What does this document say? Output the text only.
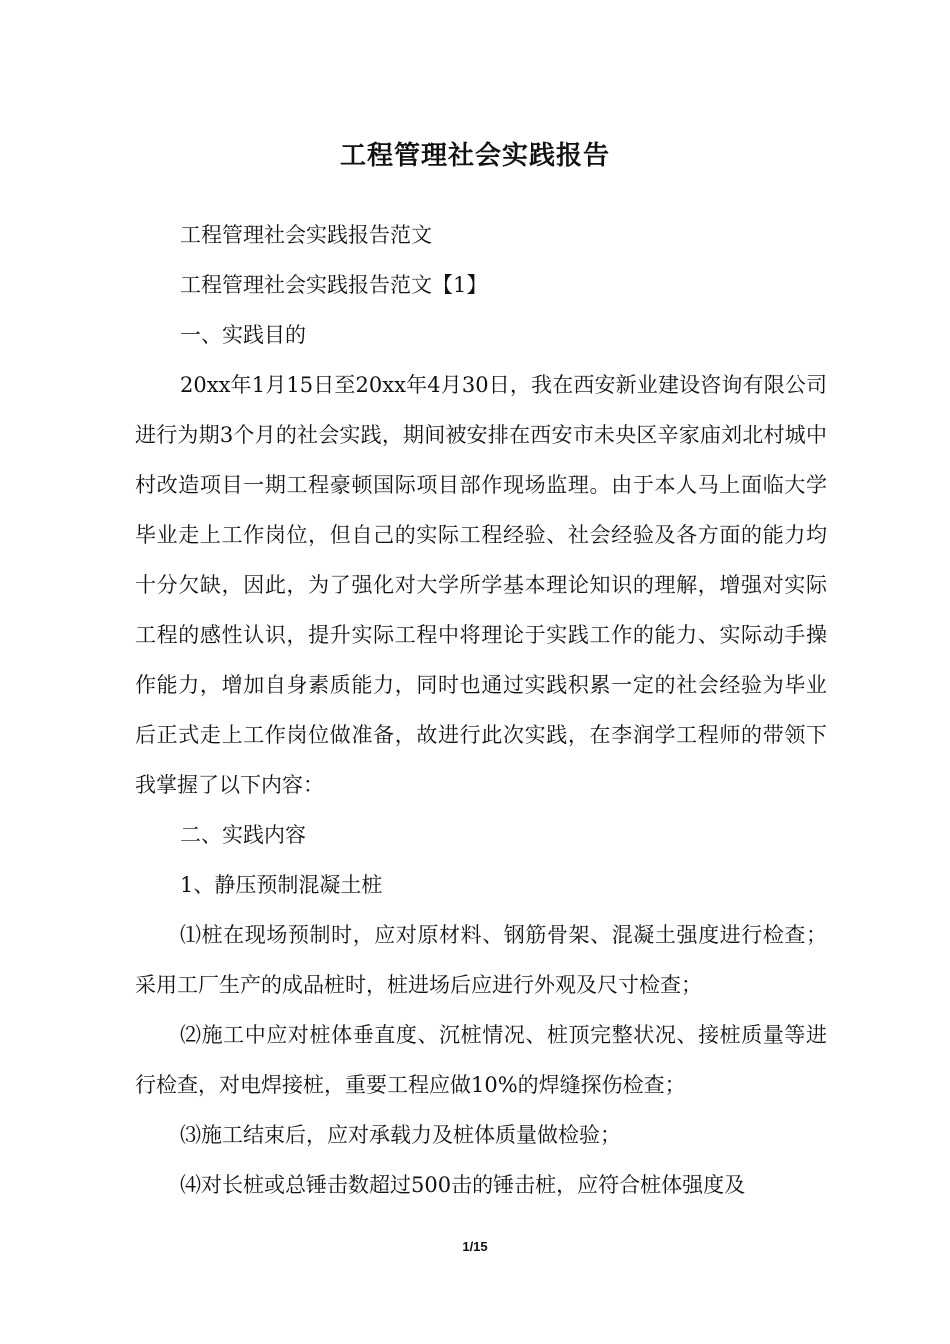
工程管理社会实践报告

工程管理社会实践报告范文

工程管理社会实践报告范文【1】

一、实践目的

20xx年1月15日至20xx年4月30日，我在西安新业建设咨询有限公司进行为期3个月的社会实践，期间被安排在西安市未央区辛家庙刘北村城中村改造项目一期工程豪顿国际项目部作现场监理。由于本人马上面临大学毕业走上工作岗位，但自己的实际工程经验、社会经验及各方面的能力均十分欠缺，因此，为了强化对大学所学基本理论知识的理解，增强对实际工程的感性认识，提升实际工程中将理论于实践工作的能力、实际动手操作能力，增加自身素质能力，同时也通过实践积累一定的社会经验为毕业后正式走上工作岗位做准备，故进行此次实践，在李润学工程师的带领下我掌握了以下内容：

二、实践内容

1、静压预制混凝土桩

⑴桩在现场预制时，应对原材料、钢筋骨架、混凝土强度进行检查；采用工厂生产的成品桩时，桩进场后应进行外观及尺寸检查；

⑵施工中应对桩体垂直度、沉桩情况、桩顶完整状况、接桩质量等进行检查，对电焊接桩，重要工程应做10%的焊缝探伤检查；

⑶施工结束后，应对承载力及桩体质量做检验；

⑷对长桩或总锤击数超过500击的锤击桩，应符合桩体强度及

1/15
